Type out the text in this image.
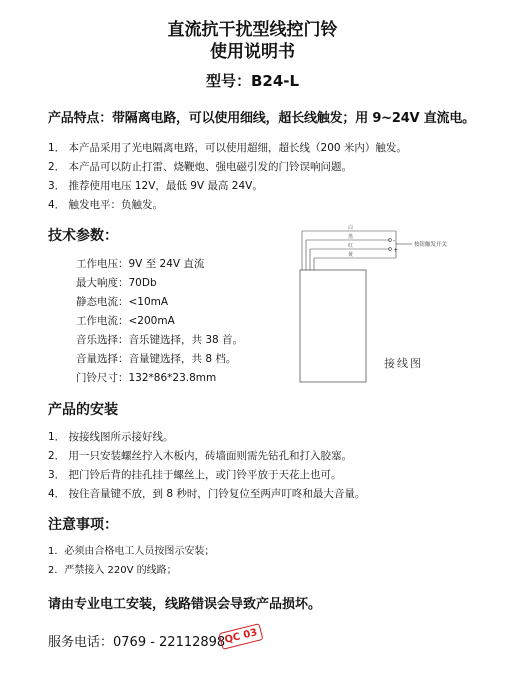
直流抗干扰型线控门铃
使用说明书
型号：B24-L
产品特点：带隔离电路，可以使用细线，超长线触发；用 9~24V 直流电。
1． 本产品采用了光电隔离电路，可以使用超细，超长线（200 米内）触发。
2． 本产品可以防止打雷、烧鞭炮、强电磁引发的门铃误响问题。
3． 推荐使用电压 12V，最低 9V 最高 24V。
4． 触发电平：负触发。
技术参数：
工作电压：9V 至 24V 直流
最大响度：70Db
静态电流：<10mA
工作电流：<200mA
音乐选择：音乐键选择，共 38 首。
音量选择：音量键选择，共 8 档。
门铃尺寸：132*86*23.8mm
白
黑
红
黄
-
+
按钮触发开关
接线图
产品的安装
1． 按接线图所示接好线。
2． 用一只安装螺丝拧入木板内，砖墙面则需先钻孔和打入胶塞。
3． 把门铃后背的挂孔挂于螺丝上，或门铃平放于天花上也可。
4． 按住音量键不放，到 8 秒时，门铃复位至两声叮咚和最大音量。
注意事项：
1．必须由合格电工人员按图示安装；
2．严禁接入 220V 的线路；
请由专业电工安装，线路错误会导致产品损坏。
服务电话：0769 - 22112898
QC 03
